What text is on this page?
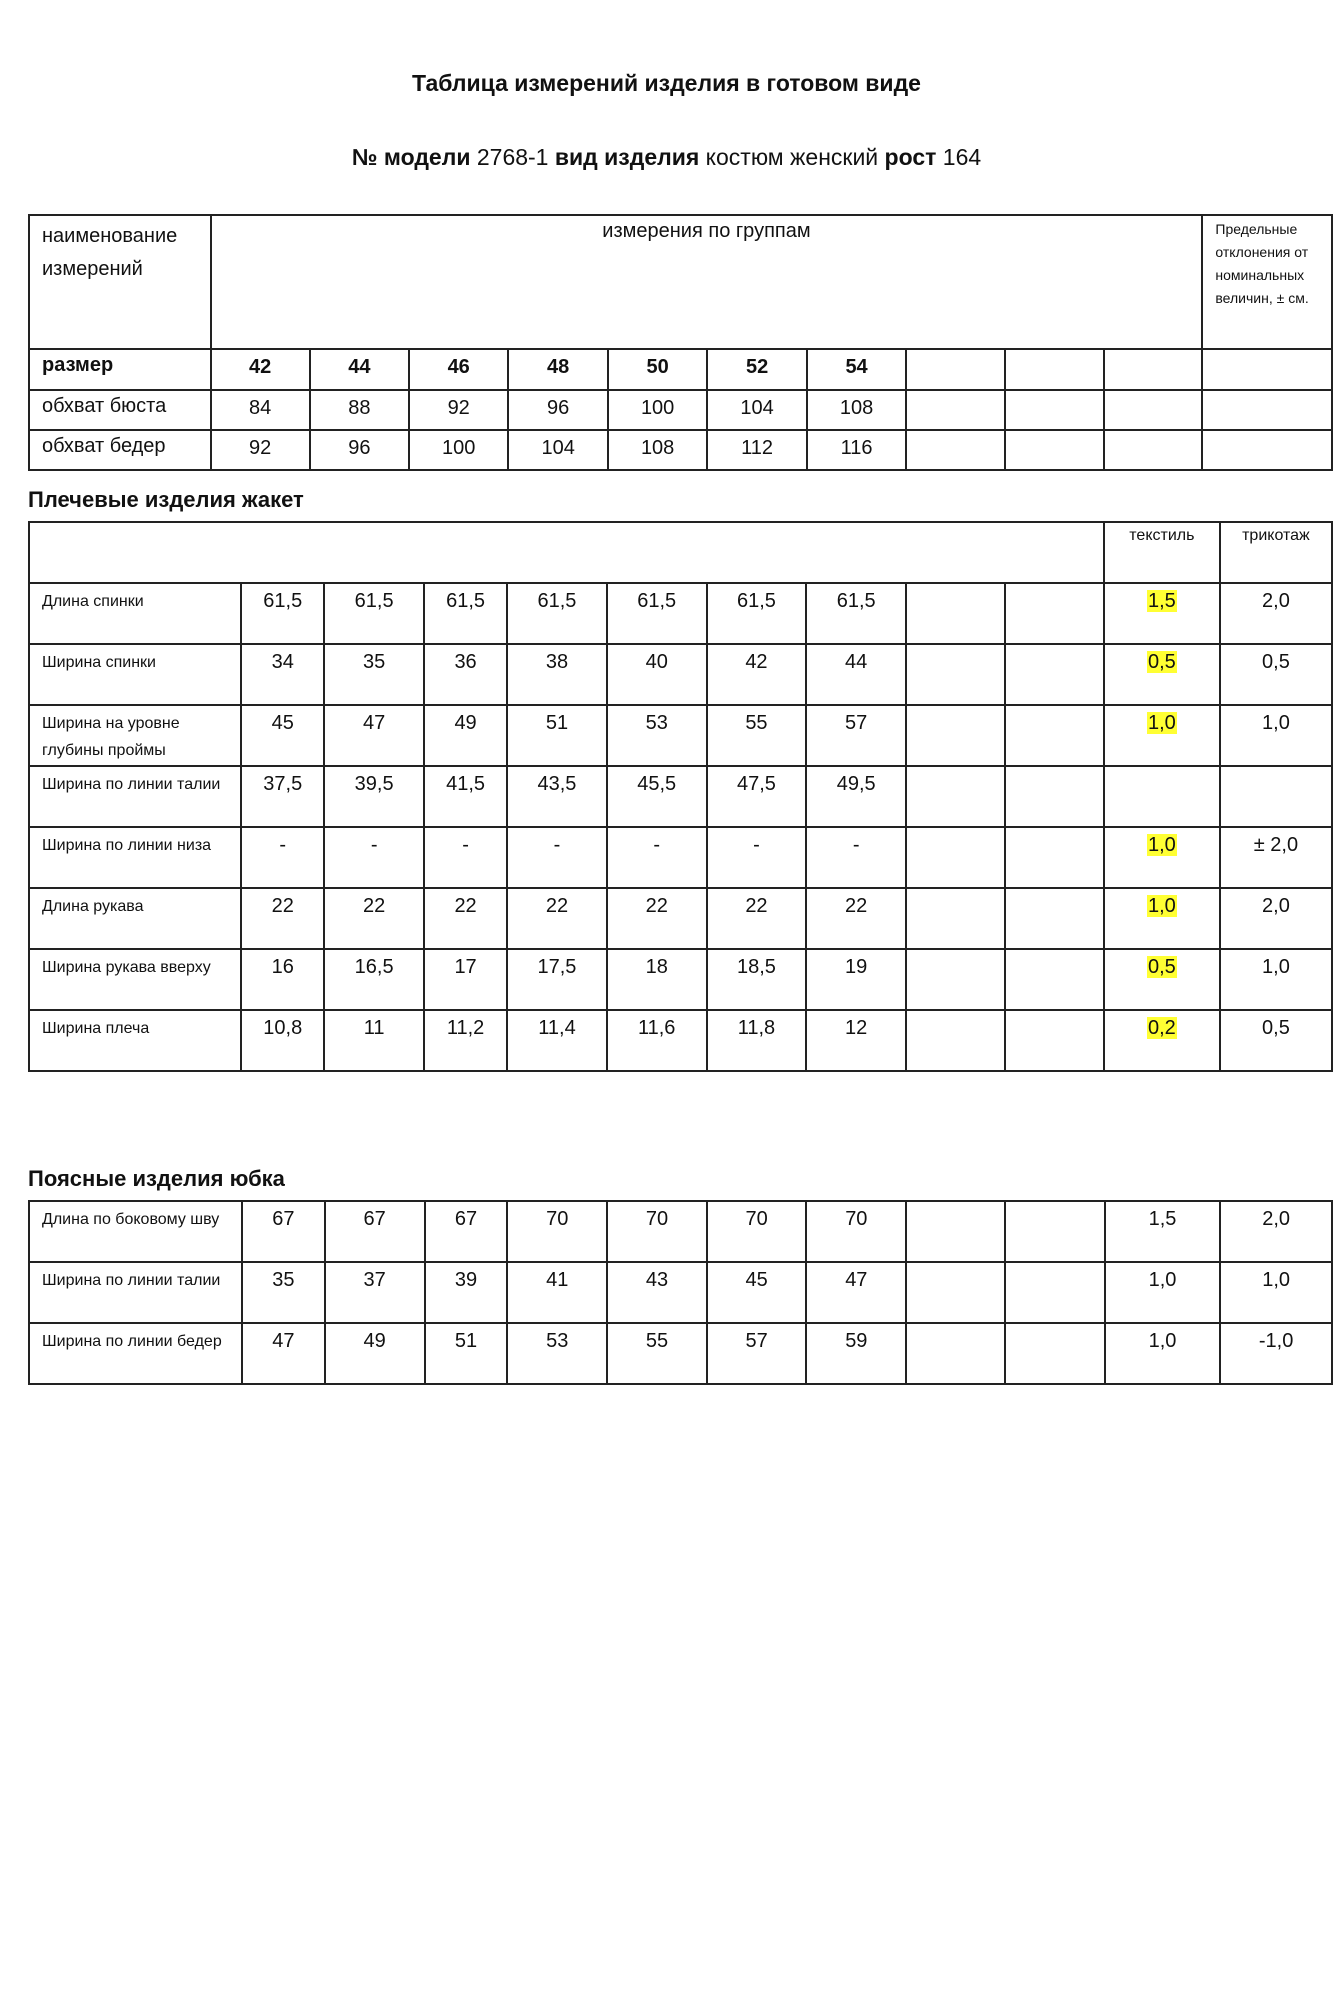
Таблица измерений изделия в готовом виде
№ модели 2768-1 вид изделия костюм женский рост 164
наименование измерений	измерения по группам										Предельные
отклонения от
номинальных
величин, ± см.

размер	42	44	46	48	50	52	54				
обхват бюста	84	88	92	96	100	104	108				
обхват бедер	92	96	100	104	108	112	116				
Плечевые изделия жакет
										текстиль	трикотаж
Длина спинки	61,5	61,5	61,5	61,5	61,5	61,5	61,5			1,5	2,0
Ширина спинки	34	35	36	38	40	42	44			0,5	0,5
Ширина на уровне глубины проймы	45	47	49	51	53	55	57			1,0	1,0
Ширина по линии талии	37,5	39,5	41,5	43,5	45,5	47,5	49,5				
Ширина по линии низа	-	-	-	-	-	-	-			1,0	± 2,0
Длина рукава	22	22	22	22	22	22	22			1,0	2,0
Ширина рукава вверху	16	16,5	17	17,5	18	18,5	19			0,5	1,0
Ширина плеча	10,8	11	11,2	11,4	11,6	11,8	12			0,2	0,5
Поясные изделия юбка
Длина по боковому шву	67	67	67	70	70	70	70			1,5	2,0
Ширина по линии талии	35	37	39	41	43	45	47			1,0	1,0
Ширина по линии бедер	47	49	51	53	55	57	59			1,0	-1,0
